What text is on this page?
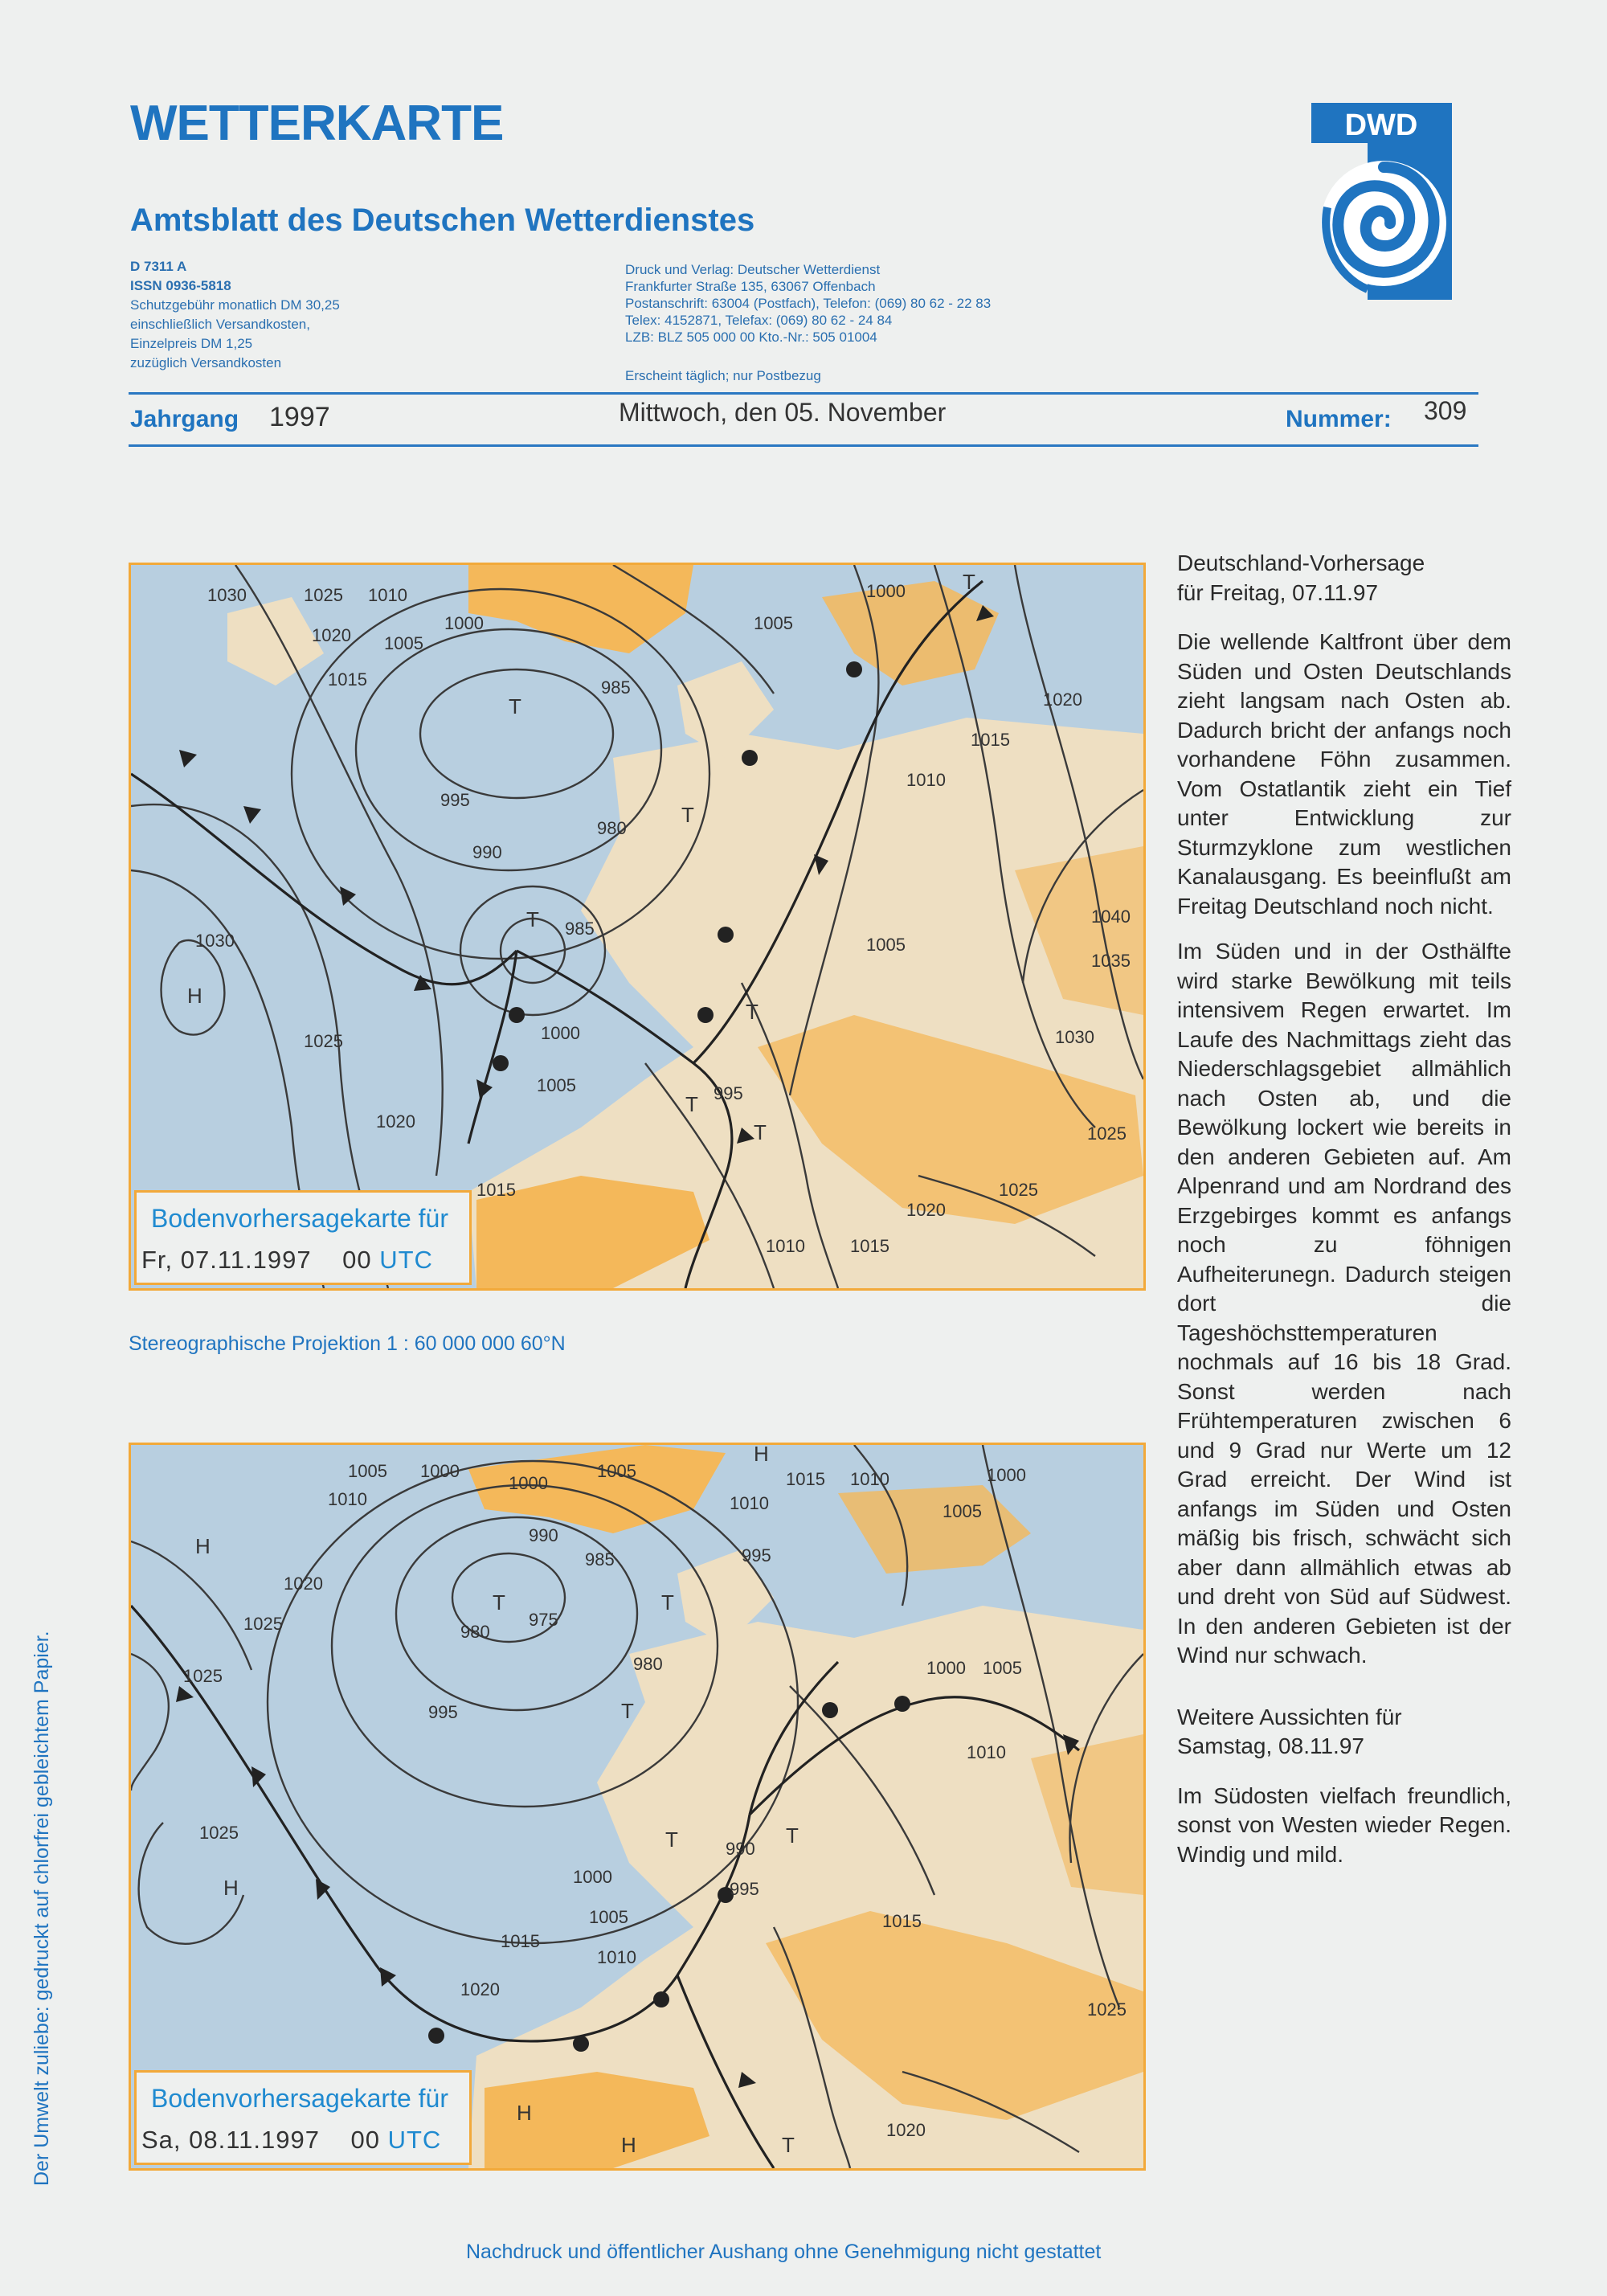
WETTERKARTE
Amtsblatt des Deutschen Wetterdienstes
D 7311 A
ISSN 0936-5818
Schutzgebühr monatlich DM 30,25
einschließlich Versandkosten,
Einzelpreis DM 1,25
zuzüglich Versandkosten
Druck und Verlag: Deutscher Wetterdienst
Frankfurter Straße 135, 63067 Offenbach
Postanschrift: 63004 (Postfach), Telefon: (069) 80 62 - 22 83
Telex: 4152871, Telefax: (069) 80 62 - 24 84
LZB: BLZ 505 000 00 Kto.-Nr.: 505 01004
Erscheint täglich; nur Postbezug
Jahrgang 1997	Mittwoch, den 05. November	Nummer: 309
DWD
1030	1025 1010
1000
1020 1005
1015	985
1005
1000
1020
1015
1010
995
980
990
1030
985
1005
1040
1035
1025	1000	1030
995
1005
1020
1025
1015	1025
1020
1010	1015
T
T
T
H
T
T
T
T
Bodenvorhersagekarte für
Fr, 07.11.1997 00 UTC
Stereographische Projektion 1 : 60 000 000 60°N
1005 1000
1000
1005	1015 1010	1000
1010	1010	1005
990
985	995
1020
975
980
1025
980
1025
995
1000 1005
1010
1025
990
995
1000
1005
1015
1010
1020
1015
1025
1020
H
T	T
T
H
H
T	T
H
H	T
Bodenvorhersagekarte für
Sa, 08.11.1997 00 UTC

Deutschland-Vorhersage
für Freitag, 07.11.97

Die wellende Kaltfront über dem Süden und Osten Deutschlands zieht langsam nach Osten ab. Dadurch bricht der anfangs noch vorhandene Föhn zusammen. Vom Ostatlantik zieht ein Tief unter Entwicklung zur Sturmzyklone zum westlichen Kanalausgang. Es beeinflußt am Freitag Deutschland noch nicht.

Im Süden und in der Osthälfte wird starke Bewölkung mit teils intensivem Regen erwartet. Im Laufe des Nachmittags zieht das Niederschlagsgebiet allmählich nach Osten ab, und die Bewölkung lockert wie bereits in den anderen Gebieten auf. Am Alpenrand und am Nordrand des Erzgebirges kommt es anfangs noch zu föhnigen Aufheiterunegn. Dadurch steigen dort die Tageshöchsttemperaturen nochmals auf 16 bis 18 Grad. Sonst werden nach Frühtemperaturen zwischen 6 und 9 Grad nur Werte um 12 Grad erreicht. Der Wind ist anfangs im Süden und Osten mäßig bis frisch, schwächt sich aber dann allmählich etwas ab und dreht von Süd auf Südwest. In den anderen Gebieten ist der Wind nur schwach.

Weitere Aussichten für
Samstag, 08.11.97

Im Südosten vielfach freundlich, sonst von Westen wieder Regen. Windig und mild.

Der Umwelt zuliebe: gedruckt auf chlorfrei gebleichtem Papier.
Nachdruck und öffentlicher Aushang ohne Genehmigung nicht gestattet
